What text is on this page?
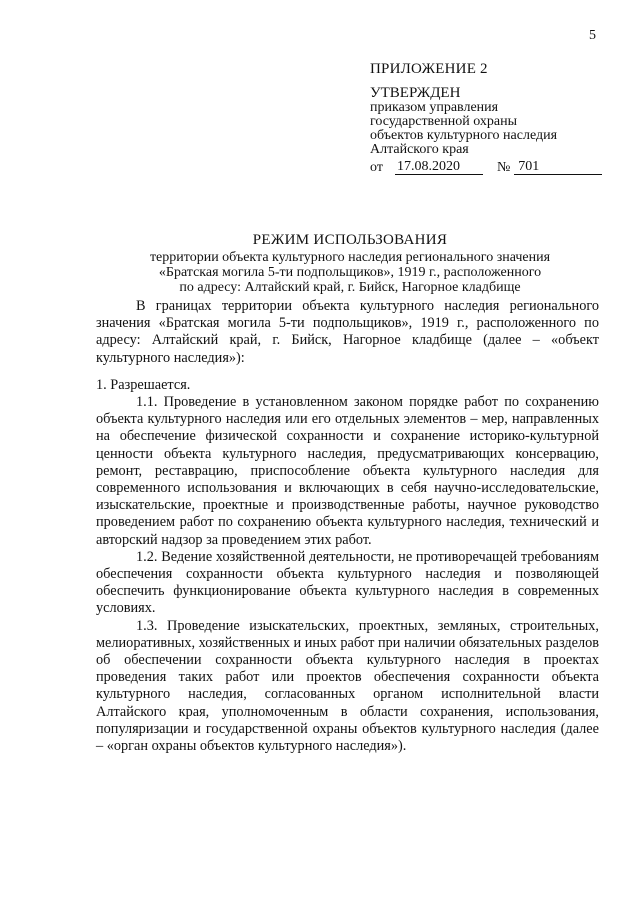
5
ПРИЛОЖЕНИЕ 2
УТВЕРЖДЕН
приказом управления
государственной охраны
объектов культурного наследия
Алтайского края
от 17.08.2020	№ 701
РЕЖИМ ИСПОЛЬЗОВАНИЯ
территории объекта культурного наследия регионального значения
«Братская могила 5-ти подпольщиков», 1919 г., расположенного
по адресу: Алтайский край, г. Бийск, Нагорное кладбище

В границах территории объекта культурного наследия регионального значения «Братская могила 5-ти подпольщиков», 1919 г., расположенного по адресу: Алтайский край, г. Бийск, Нагорное кладбище (далее – «объект культурного наследия»):

1. Разрешается.

1.1. Проведение в установленном законом порядке работ по сохранению объекта культурного наследия или его отдельных элементов – мер, направленных на обеспечение физической сохранности и сохранение историко-культурной ценности объекта культурного наследия, предусматривающих консервацию, ремонт, реставрацию, приспособление объекта культурного наследия для современного использования и включающих в себя научно-исследовательские, изыскательские, проектные и производственные работы, научное руководство проведением работ по сохранению объекта культурного наследия, технический и авторский надзор за проведением этих работ.

1.2. Ведение хозяйственной деятельности, не противоречащей требованиям обеспечения сохранности объекта культурного наследия и позволяющей обеспечить функционирование объекта культурного наследия в современных условиях.

1.3. Проведение изыскательских, проектных, земляных, строительных, мелиоративных, хозяйственных и иных работ при наличии обязательных разделов об обеспечении сохранности объекта культурного наследия в проектах проведения таких работ или проектов обеспечения сохранности объекта культурного наследия, согласованных органом исполнительной власти Алтайского края, уполномоченным в области сохранения, использования, популяризации и государственной охраны объектов культурного наследия (далее – «орган охраны объектов культурного наследия»).
